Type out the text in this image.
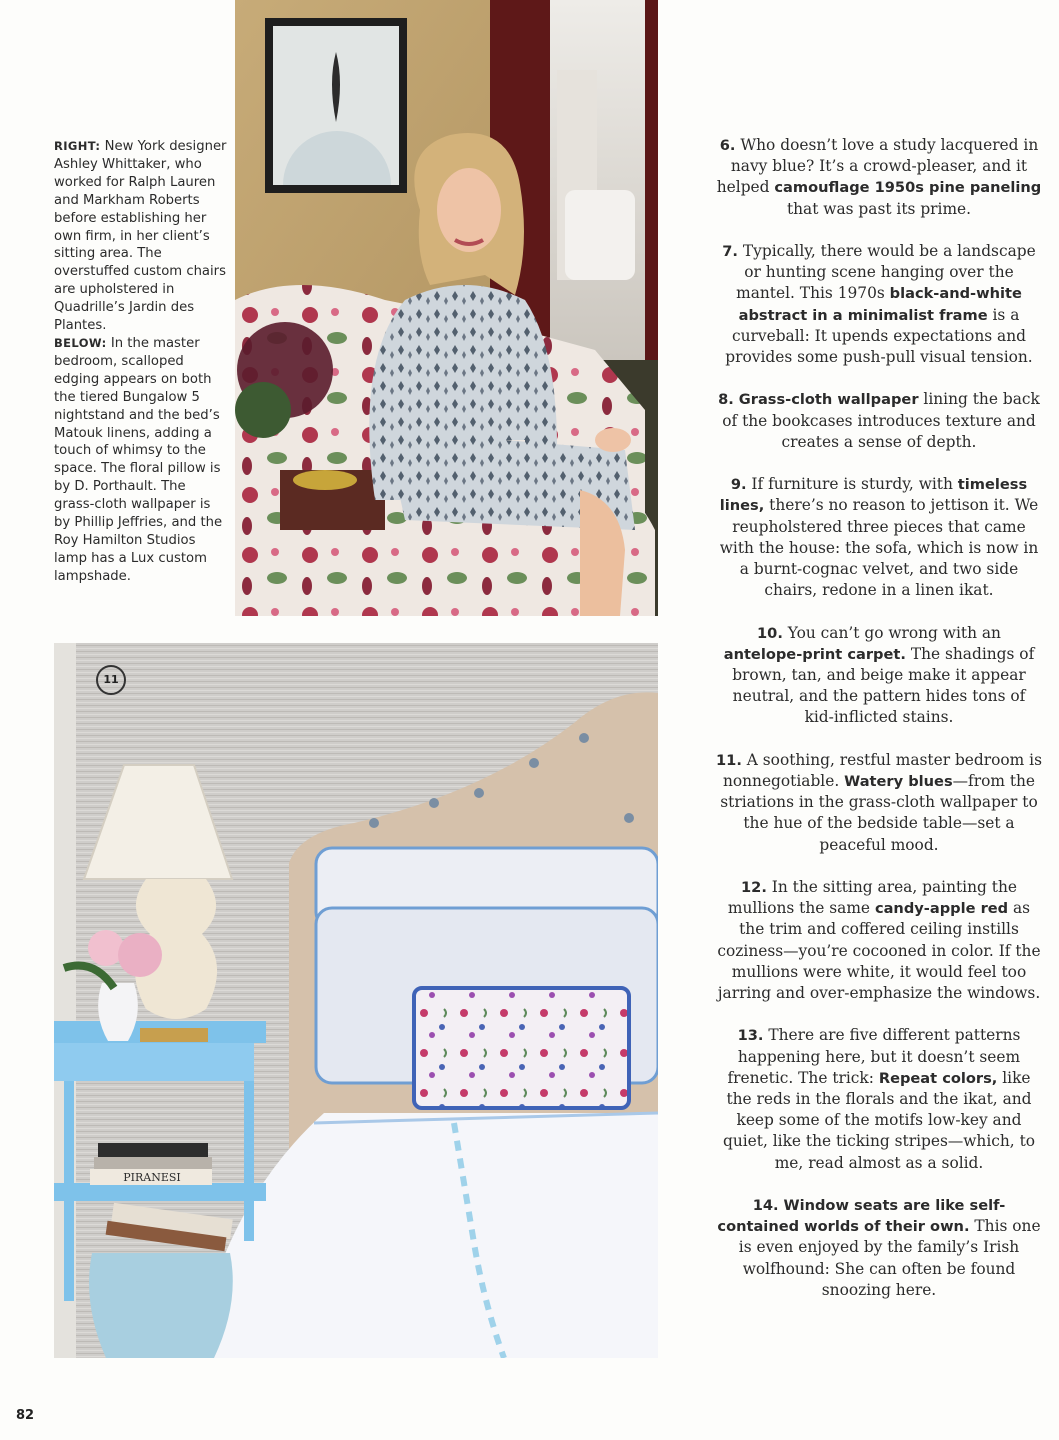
RIGHT: New York designer Ashley Whittaker, who worked for Ralph Lauren and Markham Roberts before establishing her own firm, in her client’s sitting area. The overstuffed custom chairs are upholstered in Quadrille’s Jardin des Plantes.

BELOW: In the master bedroom, scalloped edging appears on both the tiered Bungalow 5 nightstand and the bed’s Matouk linens, adding a touch of whimsy to the space. The floral pillow is by D. Porthault. The grass-cloth wallpaper is by Phillip Jeffries, and the Roy Hamilton Studios lamp has a Lux custom lampshade.

PIRANESI
11

6. Who doesn’t love a study lacquered in navy blue? It’s a crowd-pleaser, and it helped camouflage 1950s pine paneling that was past its prime.

7. Typically, there would be a landscape or hunting scene hanging over the mantel. This 1970s black-and-white abstract in a minimalist frame is a curveball: It upends expectations and provides some push-pull visual tension.

8. Grass-cloth wallpaper lining the back of the bookcases introduces texture and creates a sense of depth.

9. If furniture is sturdy, with timeless lines, there’s no reason to jettison it. We reupholstered three pieces that came with the house: the sofa, which is now in a burnt-cognac velvet, and two side chairs, redone in a linen ikat.

10. You can’t go wrong with an antelope-print carpet. The shadings of brown, tan, and beige make it appear neutral, and the pattern hides tons of kid-inflicted stains.

11. A soothing, restful master bedroom is nonnegotiable. Watery blues—from the striations in the grass-cloth wallpaper to the hue of the bedside table—set a peaceful mood.

12. In the sitting area, painting the mullions the same candy-apple red as the trim and coffered ceiling instills coziness—you’re cocooned in color. If the mullions were white, it would feel too jarring and over-emphasize the windows.

13. There are five different patterns happening here, but it doesn’t seem frenetic. The trick: Repeat colors, like the reds in the florals and the ikat, and keep some of the motifs low-key and quiet, like the ticking stripes—which, to me, read almost as a solid.

14. Window seats are like self-contained worlds of their own. This one is even enjoyed by the family’s Irish wolfhound: She can often be found snoozing here.

82
